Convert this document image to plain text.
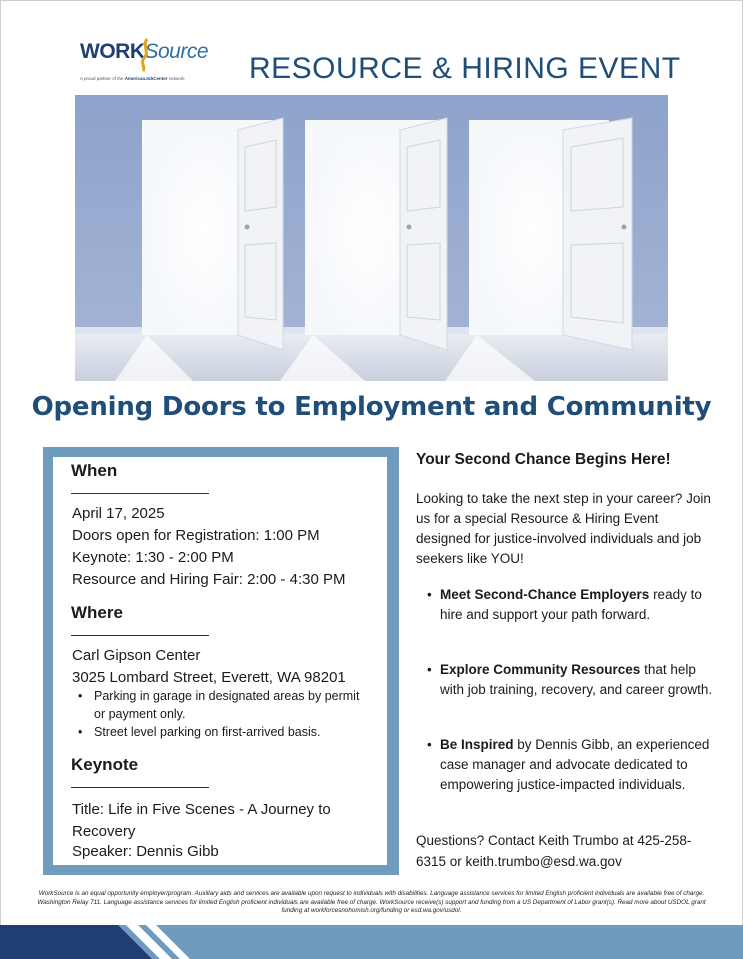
WORKSource
A proud partner of the AmericanJobCenter network RESOURCE & HIRING EVENT
Opening Doors to Employment and Community
When
April 17, 2025
Doors open for Registration: 1:00 PM
Keynote: 1:30 - 2:00 PM
Resource and Hiring Fair: 2:00 - 4:30 PM
Where
Carl Gipson Center
3025 Lombard Street, Everett, WA 98201
• Parking in garage in designated areas by permit or payment only.
• Street level parking on first-arrived basis.
Keynote
Title: Life in Five Scenes - A Journey to Recovery
Speaker: Dennis Gibb
Your Second Chance Begins Here!
Looking to take the next step in your career? Join us for a special Resource & Hiring Event designed for justice-involved individuals and job seekers like YOU!
• Meet Second-Chance Employers ready to hire and support your path forward.
• Explore Community Resources that help with job training, recovery, and career growth.
• Be Inspired by Dennis Gibb, an experienced case manager and advocate dedicated to empowering justice-impacted individuals.
Questions? Contact Keith Trumbo at 425-258-6315 or keith.trumbo@esd.wa.gov
WorkSource is an equal opportunity employer/program. Auxiliary aids and services are available upon request to individuals with disabilities. Language assistance services for limited English proficient individuals are available free of charge. Washington Relay 711. Language assistance services for limited English proficient individuals are available free of charge. WorkSource receive(s) support and funding from a US Department of Labor grant(s). Read more about USDOL grant funding at workforcesnohomish.org/funding or esd.wa.gov/usdol.
